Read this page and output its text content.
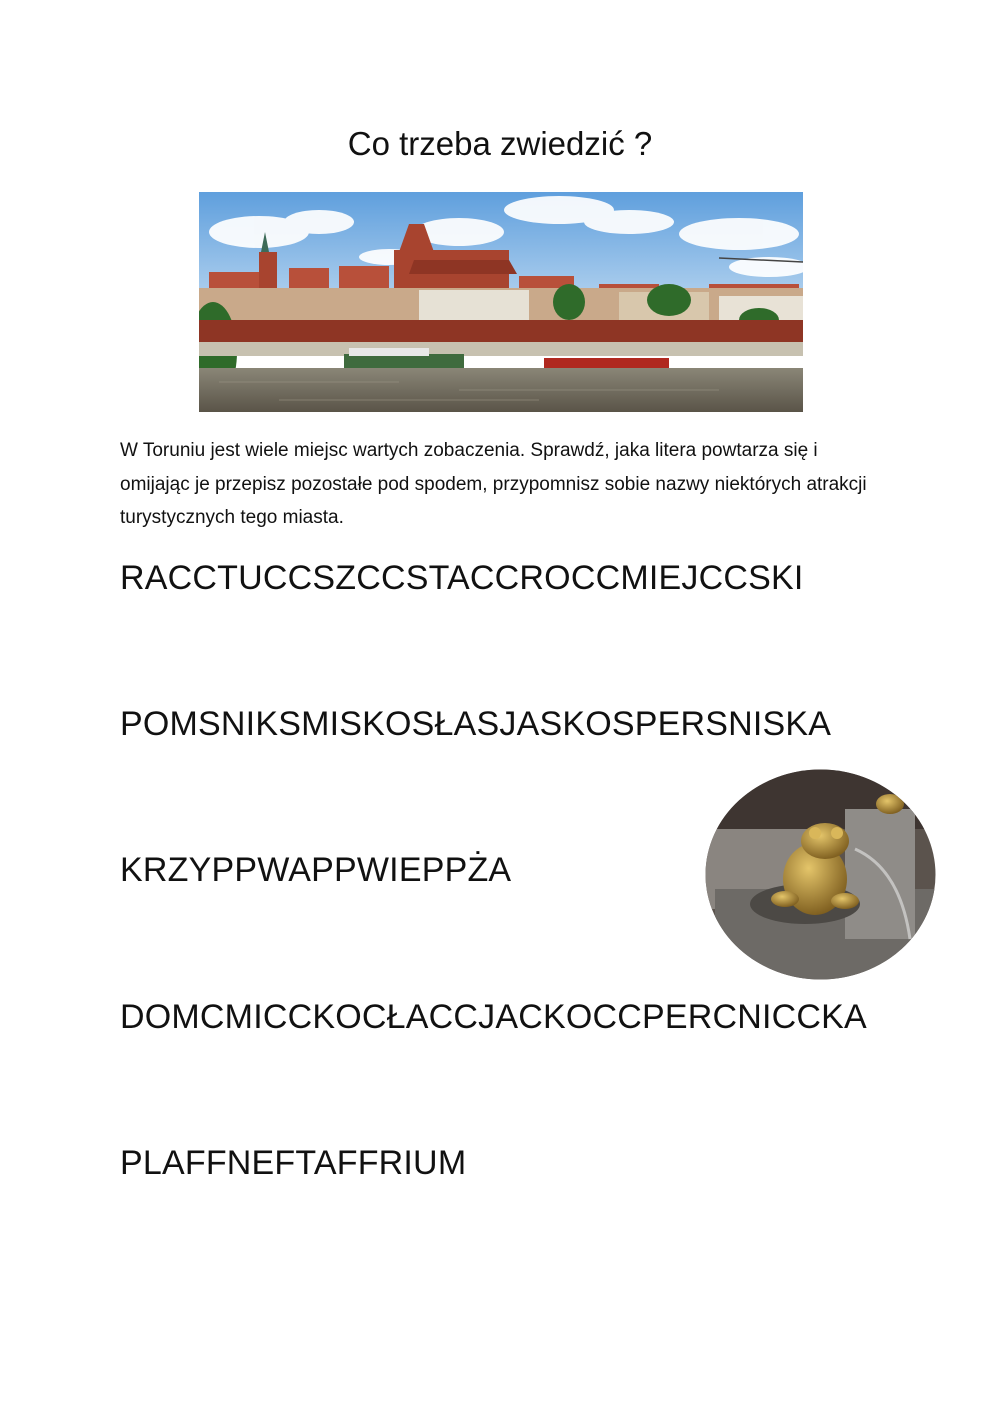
Co trzeba zwiedzić ?

W Toruniu jest wiele miejsc wartych zobaczenia. Sprawdź, jaka litera powtarza się i omijając je przepisz pozostałe pod spodem, przypomnisz sobie nazwy niektórych atrakcji turystycznych tego miasta.

RACCTUCCSZCCSTACCROCCMIEJCCSKI

POMSNIKSMISKOSŁASJASKOSPERSNISKA

KRZYPPWAPPWIEPPŻA

DOMCMICCKOCŁACCJACKOCCPERCNICCKA

PLAFFNEFTAFFRIUM
